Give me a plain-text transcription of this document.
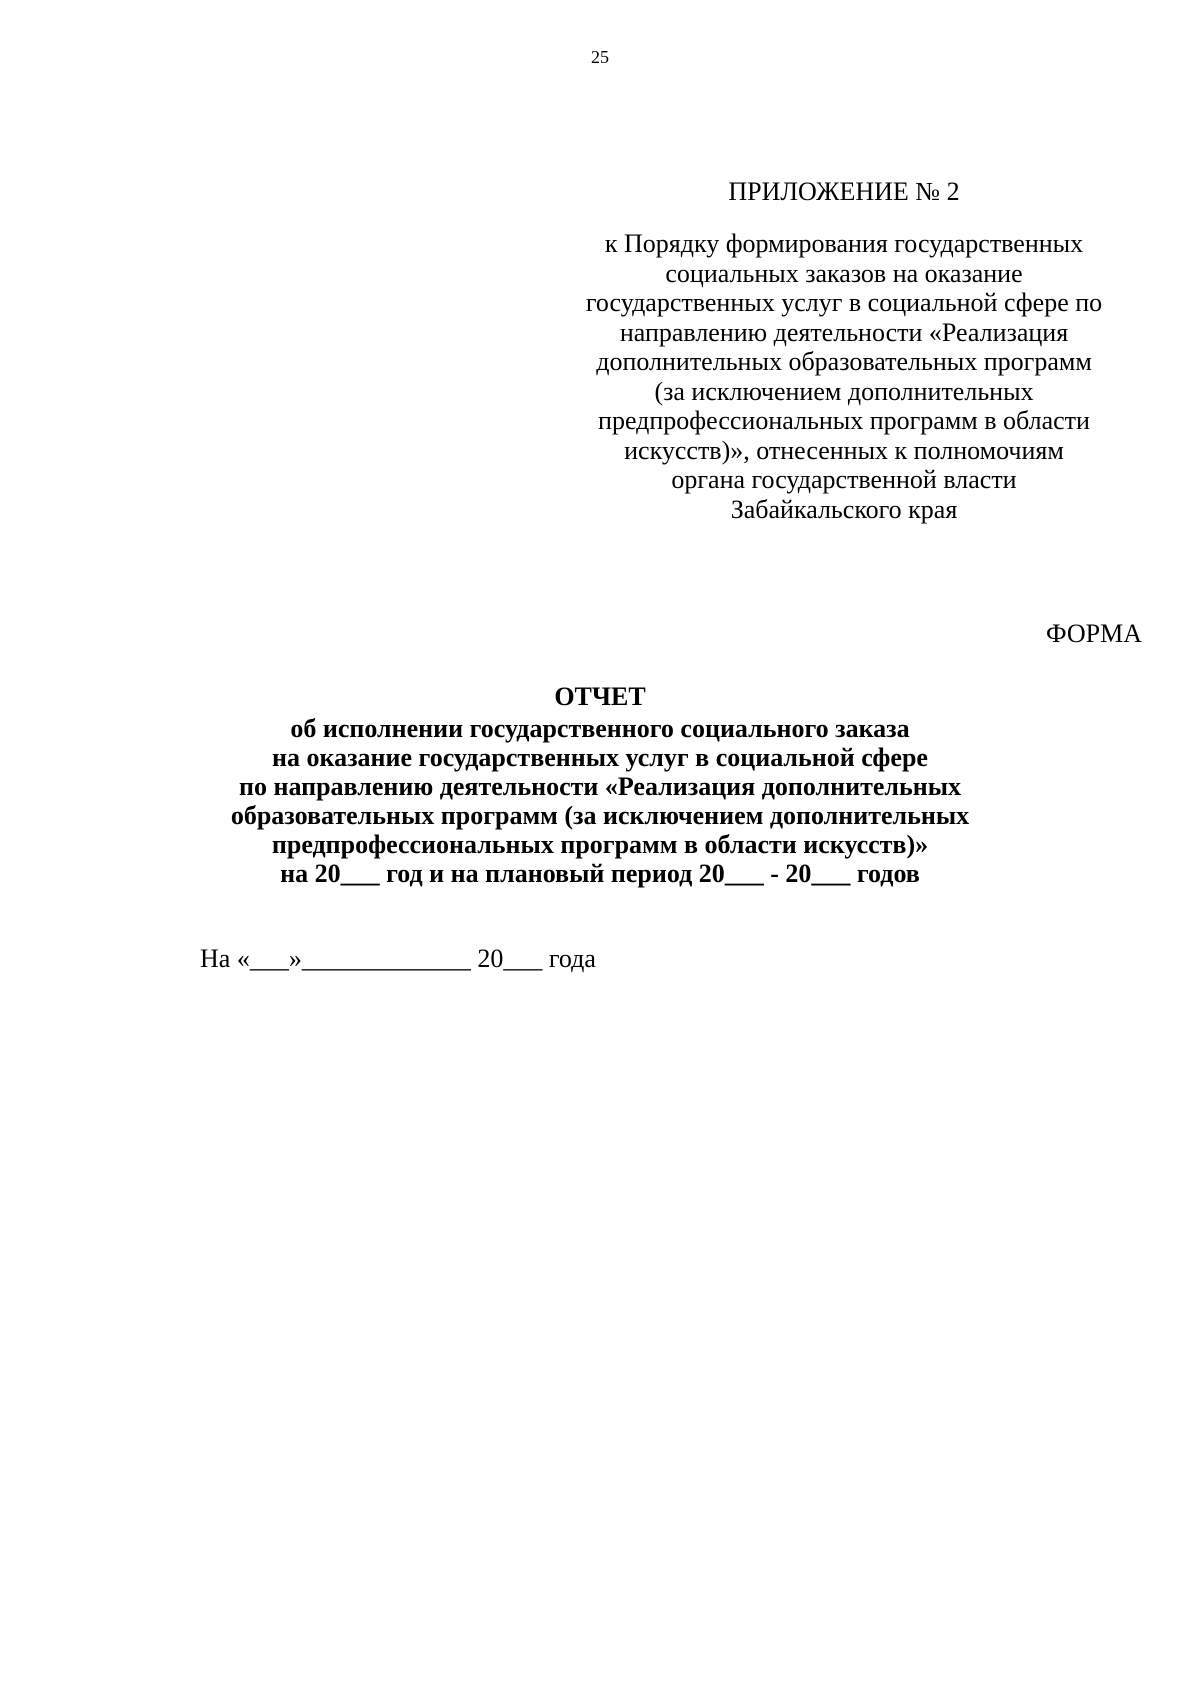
25
ПРИЛОЖЕНИЕ № 2
к Порядку формирования государственных
социальных заказов на оказание
государственных услуг в социальной сфере по
направлению деятельности «Реализация
дополнительных образовательных программ
(за исключением дополнительных
предпрофессиональных программ в области
искусств)», отнесенных к полномочиям
органа государственной власти
Забайкальского края
ФОРМА
ОТЧЕТ
об исполнении государственного социального заказа
на оказание государственных услуг в социальной сфере
по направлению деятельности «Реализация дополнительных
образовательных программ (за исключением дополнительных
предпрофессиональных программ в области искусств)»
на 20___ год и на плановый период 20___ - 20___ годов
На «___»_____________ 20___ года
